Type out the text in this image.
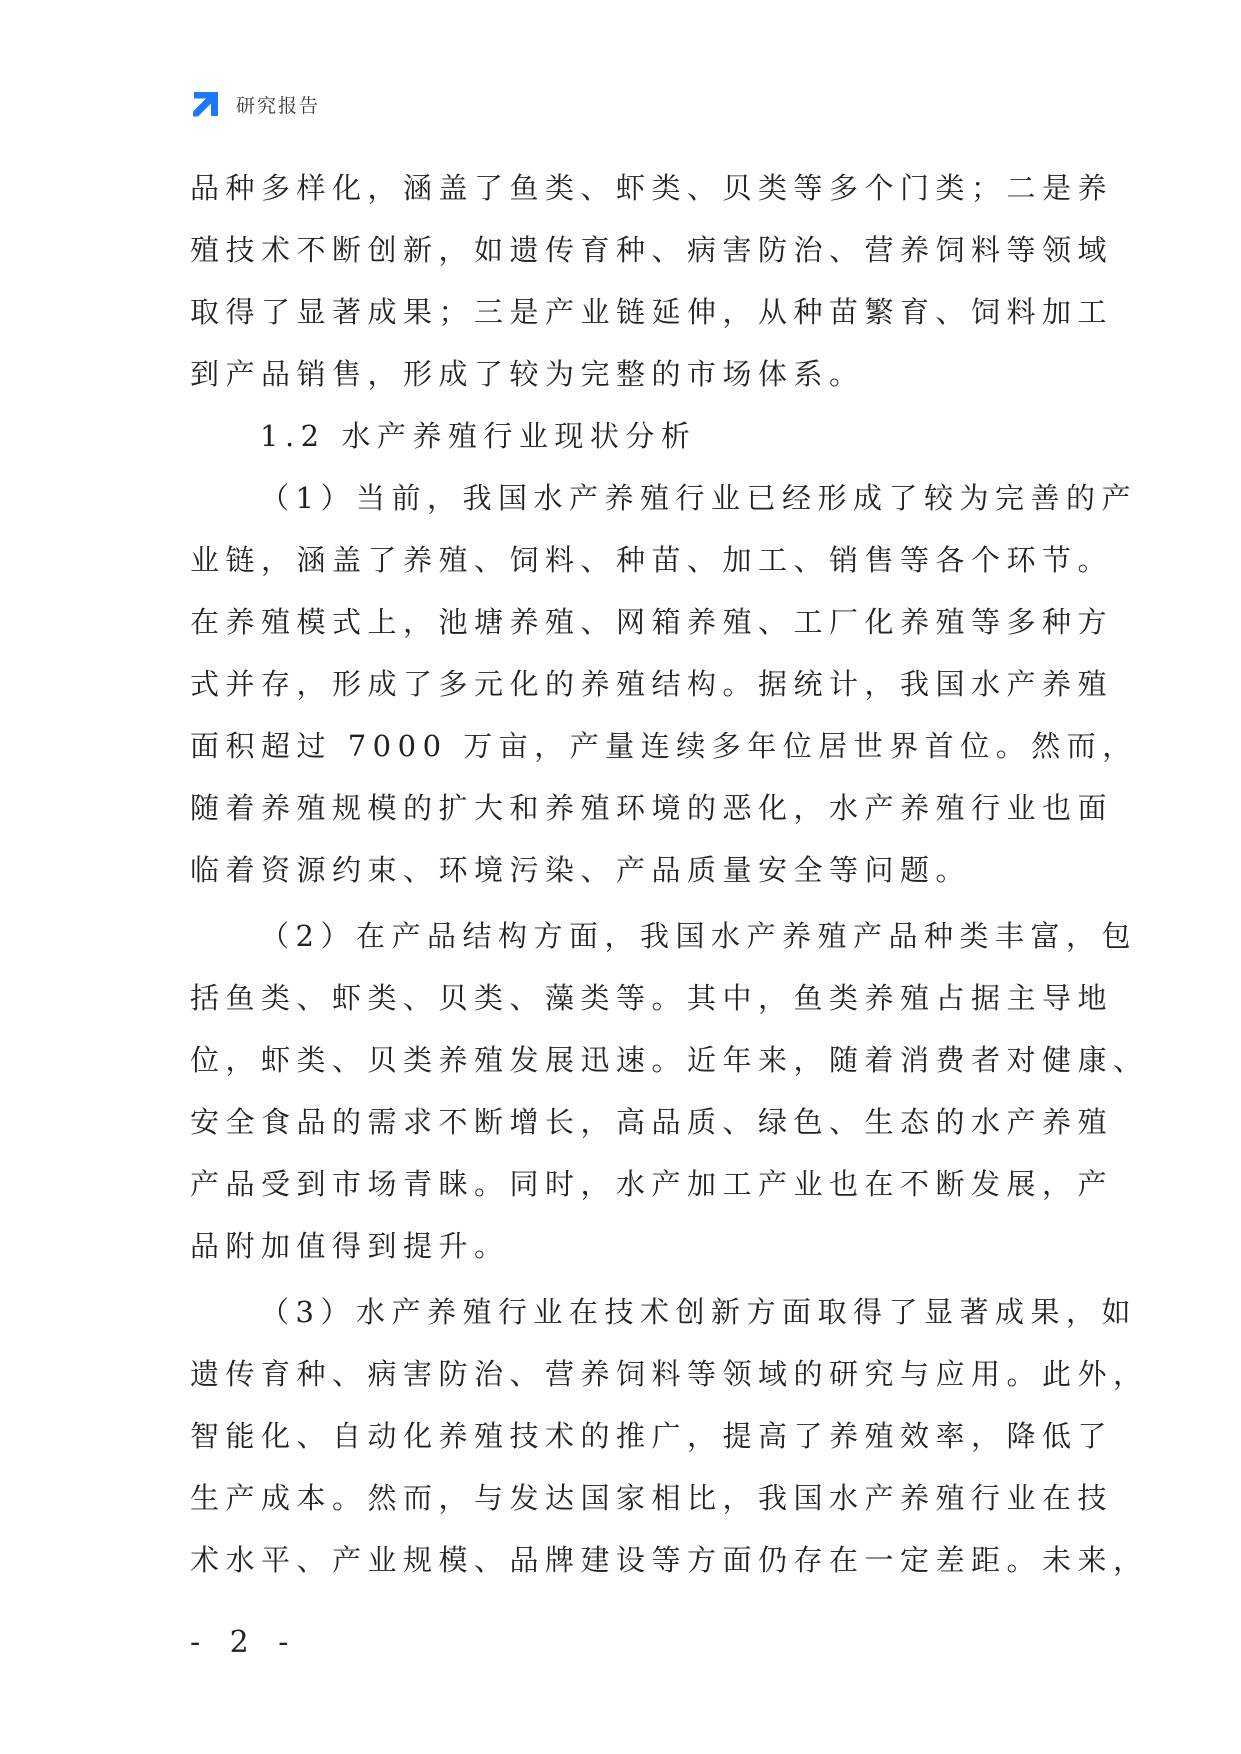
研究报告
品种多样化，涵盖了鱼类、虾类、贝类等多个门类；二是养
殖技术不断创新，如遗传育种、病害防治、营养饲料等领域
取得了显著成果；三是产业链延伸，从种苗繁育、饲料加工
到产品销售，形成了较为完整的市场体系。
1.2 水产养殖行业现状分析
（1）当前，我国水产养殖行业已经形成了较为完善的产
业链，涵盖了养殖、饲料、种苗、加工、销售等各个环节。
在养殖模式上，池塘养殖、网箱养殖、工厂化养殖等多种方
式并存，形成了多元化的养殖结构。据统计，我国水产养殖
面积超过 7000 万亩，产量连续多年位居世界首位。然而，
随着养殖规模的扩大和养殖环境的恶化，水产养殖行业也面
临着资源约束、环境污染、产品质量安全等问题。
（2）在产品结构方面，我国水产养殖产品种类丰富，包
括鱼类、虾类、贝类、藻类等。其中，鱼类养殖占据主导地
位，虾类、贝类养殖发展迅速。近年来，随着消费者对健康、
安全食品的需求不断增长，高品质、绿色、生态的水产养殖
产品受到市场青睐。同时，水产加工产业也在不断发展，产
品附加值得到提升。
（3）水产养殖行业在技术创新方面取得了显著成果，如
遗传育种、病害防治、营养饲料等领域的研究与应用。此外，
智能化、自动化养殖技术的推广，提高了养殖效率，降低了
生产成本。然而，与发达国家相比，我国水产养殖行业在技
术水平、产业规模、品牌建设等方面仍存在一定差距。未来，
- 2 -
